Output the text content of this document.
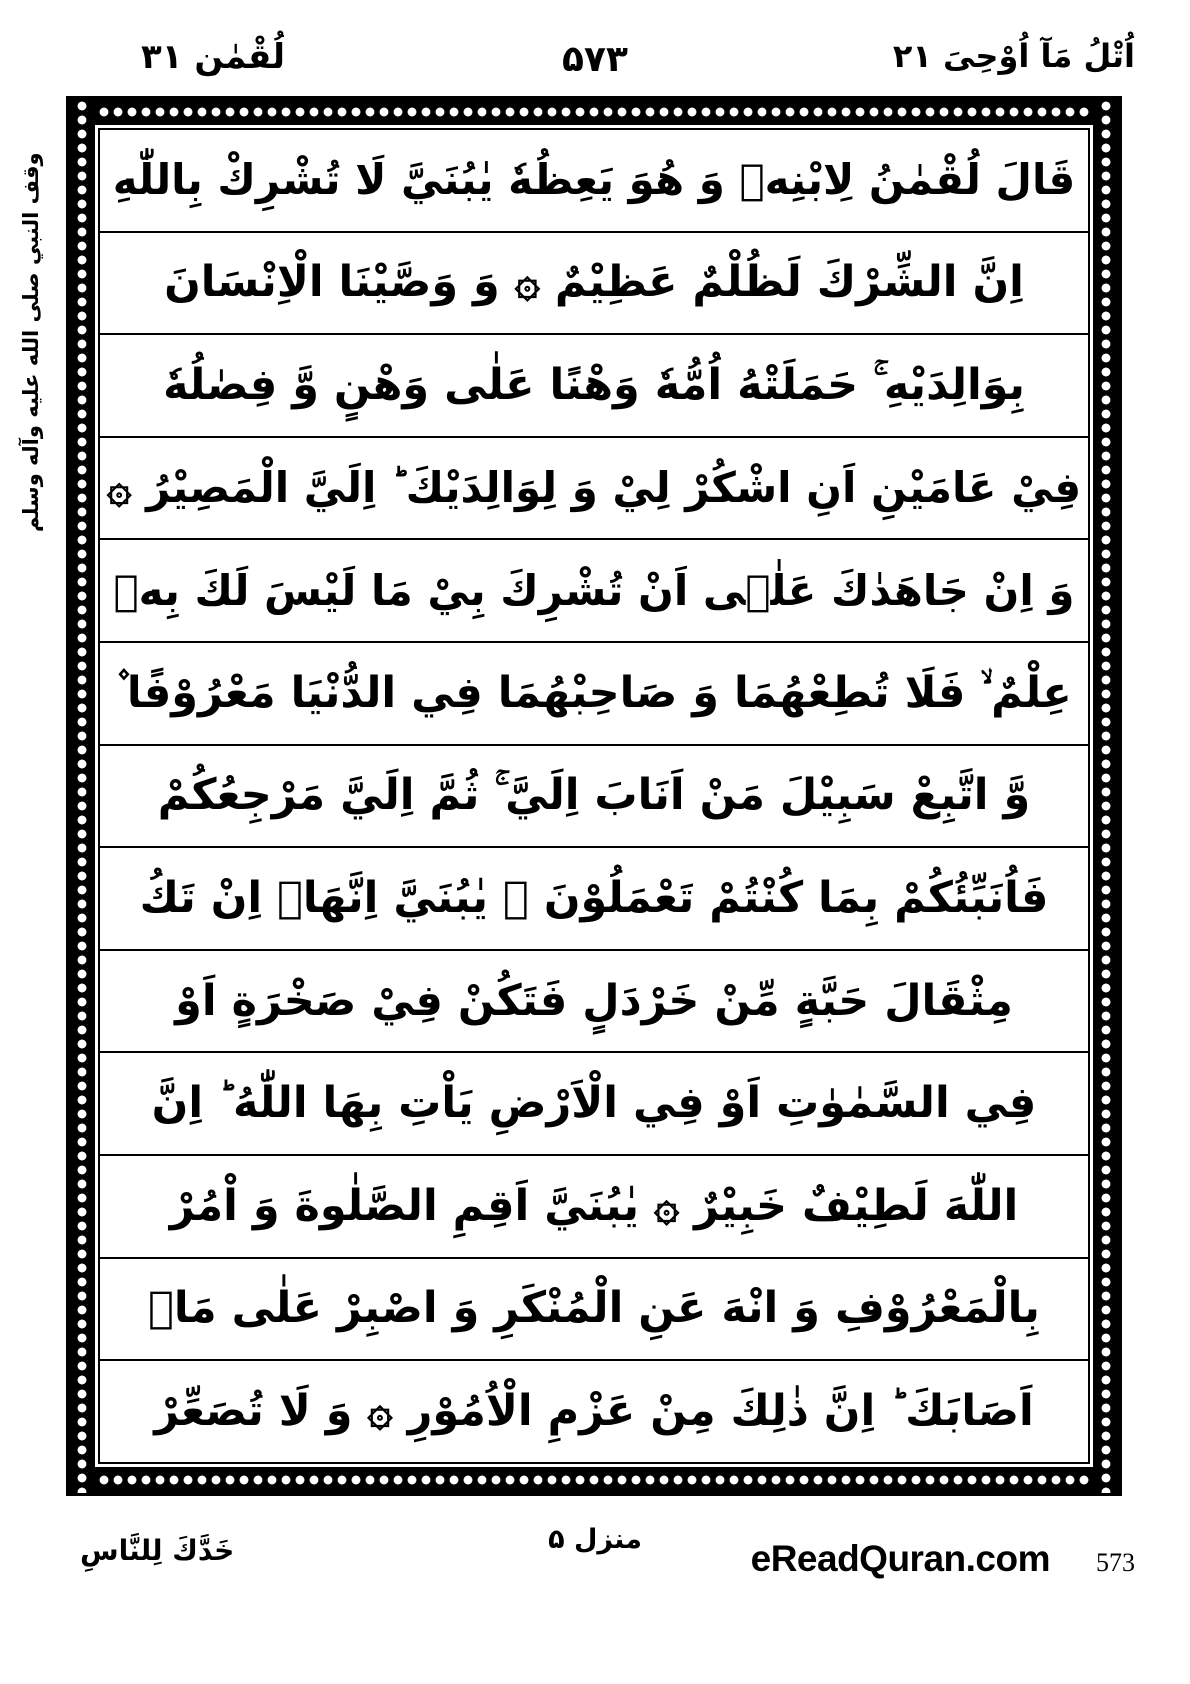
لُقْمٰن ٣١	۵۷۳	اُتْلُ مَآ اُوْحِیَ ٢١
وقف النبي صلى الله عليه وآله وسلم	قَالَ لُقْمٰنُ لِابْنِهٖ وَ هُوَ يَعِظُهٗ يٰبُنَيَّ لَا تُشْرِكْ بِاللّٰهِ
اِنَّ الشِّرْكَ لَظُلْمٌ عَظِيْمٌ ۞ وَ وَصَّيْنَا الْاِنْسَانَ
بِوَالِدَيْهِ ۚ حَمَلَتْهُ اُمُّهٗ وَهْنًا عَلٰى وَهْنٍ وَّ فِصٰلُهٗ
فِيْ عَامَيْنِ اَنِ اشْكُرْ لِيْ وَ لِوَالِدَيْكَ ؕ اِلَيَّ الْمَصِيْرُ ۞
وَ اِنْ جَاهَدٰكَ عَلٰۤى اَنْ تُشْرِكَ بِيْ مَا لَيْسَ لَكَ بِهٖ
عِلْمٌ ۙ فَلَا تُطِعْهُمَا وَ صَاحِبْهُمَا فِي الدُّنْيَا مَعْرُوْفًا ۫
وَّ اتَّبِعْ سَبِيْلَ مَنْ اَنَابَ اِلَيَّ ۚ ثُمَّ اِلَيَّ مَرْجِعُكُمْ
فَاُنَبِّئُكُمْ بِمَا كُنْتُمْ تَعْمَلُوْنَ ۞ يٰبُنَيَّ اِنَّهَاۤ اِنْ تَكُ
مِثْقَالَ حَبَّةٍ مِّنْ خَرْدَلٍ فَتَكُنْ فِيْ صَخْرَةٍ اَوْ
فِي السَّمٰوٰتِ اَوْ فِي الْاَرْضِ يَاْتِ بِهَا اللّٰهُ ؕ اِنَّ
اللّٰهَ لَطِيْفٌ خَبِيْرٌ ۞ يٰبُنَيَّ اَقِمِ الصَّلٰوةَ وَ اْمُرْ
بِالْمَعْرُوْفِ وَ انْهَ عَنِ الْمُنْكَرِ وَ اصْبِرْ عَلٰى مَاۤ
اَصَابَكَ ؕ اِنَّ ذٰلِكَ مِنْ عَزْمِ الْاُمُوْرِ ۞ وَ لَا تُصَعِّرْ
خَدَّكَ لِلنَّاسِ	منزل ۵	eReadQuran.com 573
